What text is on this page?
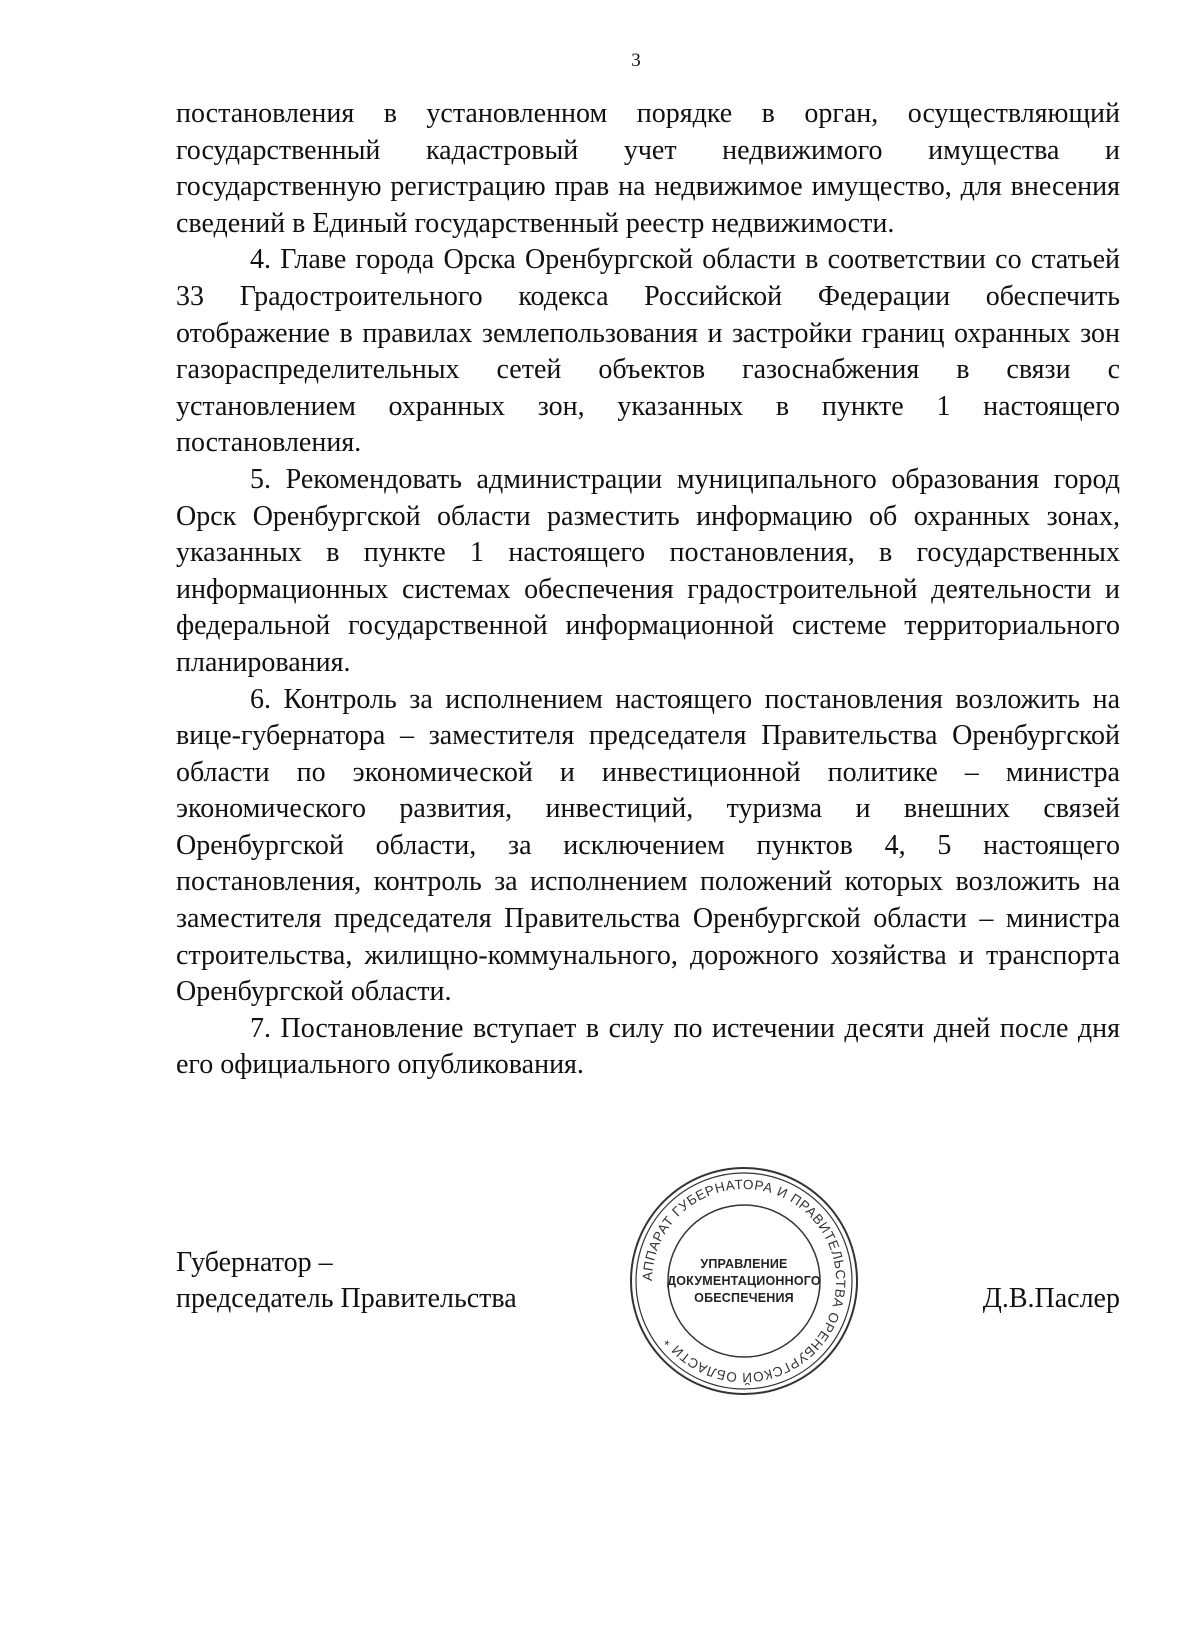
3

постановления в установленном порядке в орган, осуществляющий государственный кадастровый учет недвижимого имущества и государственную регистрацию прав на недвижимое имущество, для внесения сведений в Единый государственный реестр недвижимости.

4. Главе города Орска Оренбургской области в соответствии со статьей 33 Градостроительного кодекса Российской Федерации обеспечить отображение в правилах землепользования и застройки границ охранных зон газораспределительных сетей объектов газоснабжения в связи с установлением охранных зон, указанных в пункте 1 настоящего постановления.

5. Рекомендовать администрации муниципального образования город Орск Оренбургской области разместить информацию об охранных зонах, указанных в пункте 1 настоящего постановления, в государственных информационных системах обеспечения градостроительной деятельности и федеральной государственной информационной системе территориального планирования.

6. Контроль за исполнением настоящего постановления возложить на вице-губернатора – заместителя председателя Правительства Оренбургской области по экономической и инвестиционной политике – министра экономического развития, инвестиций, туризма и внешних связей Оренбургской области, за исключением пунктов 4, 5 настоящего постановления, контроль за исполнением положений которых возложить на заместителя председателя Правительства Оренбургской области – министра строительства, жилищно-коммунального, дорожного хозяйства и транспорта Оренбургской области.

7. Постановление вступает в силу по истечении десяти дней после дня его официального опубликования.

АППАРАТ ГУБЕРНАТОРА И ПРАВИТЕЛЬСТВА ОРЕНБУРГСКОЙ ОБЛАСТИ *
УПРАВЛЕНИЕ
ДОКУМЕНТАЦИОННОГО
ОБЕСПЕЧЕНИЯ
Губернатор –
председатель Правительства	Д.В.Паслер
